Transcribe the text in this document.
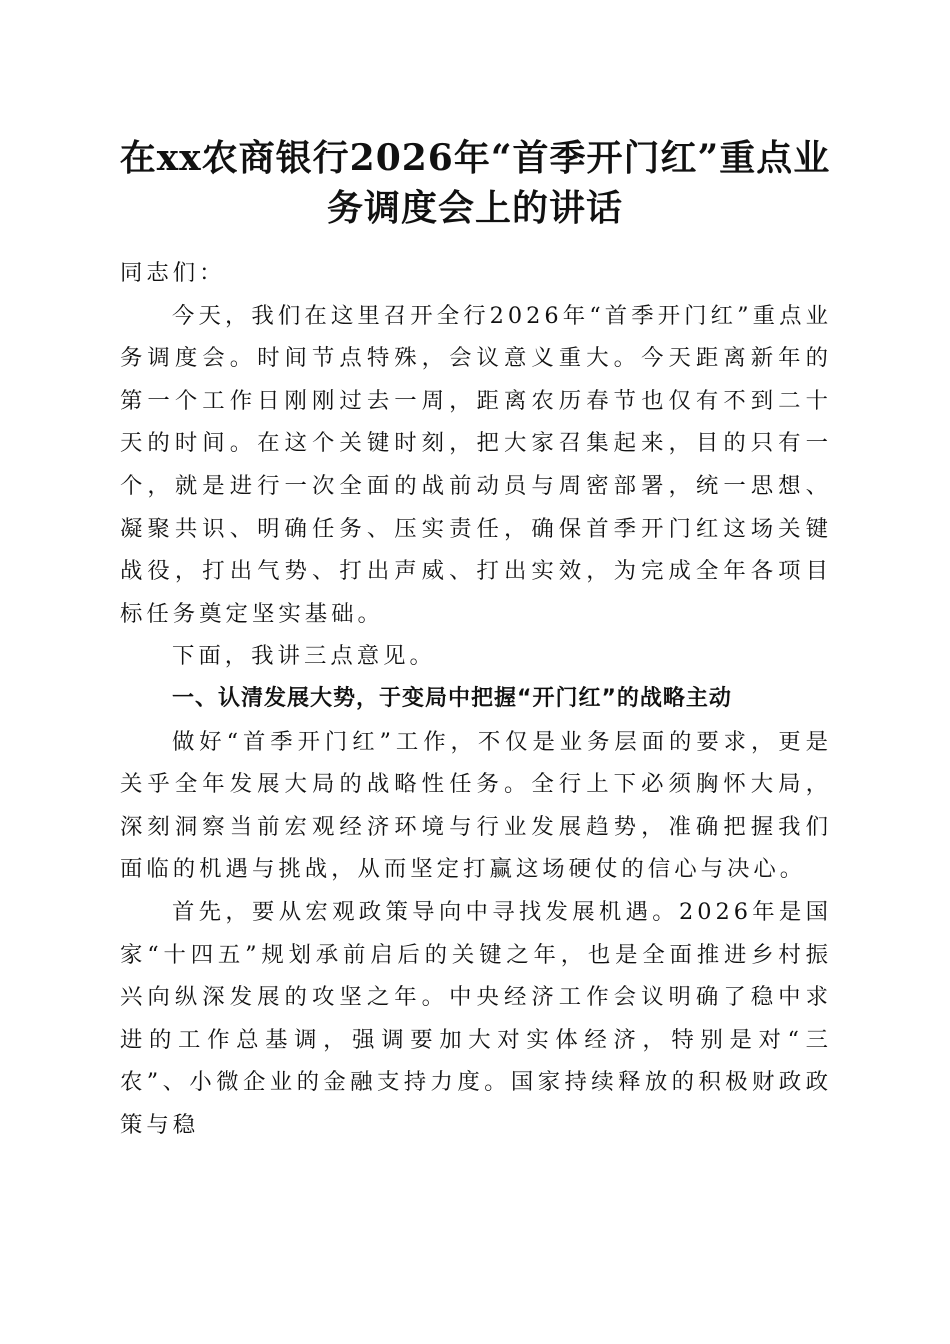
在xx农商银行2026年“首季开门红”重点业
务调度会上的讲话

同志们：

今天，我们在这里召开全行2026年“首季开门红”重点业务调度会。时间节点特殊，会议意义重大。今天距离新年的第一个工作日刚刚过去一周，距离农历春节也仅有不到二十天的时间。在这个关键时刻，把大家召集起来，目的只有一个，就是进行一次全面的战前动员与周密部署，统一思想、凝聚共识、明确任务、压实责任，确保首季开门红这场关键战役，打出气势、打出声威、打出实效，为完成全年各项目标任务奠定坚实基础。

下面，我讲三点意见。

一、认清发展大势，于变局中把握“开门红”的战略主动

做好“首季开门红”工作，不仅是业务层面的要求，更是关乎全年发展大局的战略性任务。全行上下必须胸怀大局，深刻洞察当前宏观经济环境与行业发展趋势，准确把握我们面临的机遇与挑战，从而坚定打赢这场硬仗的信心与决心。

首先，要从宏观政策导向中寻找发展机遇。2026年是国家“十四五”规划承前启后的关键之年，也是全面推进乡村振兴向纵深发展的攻坚之年。中央经济工作会议明确了稳中求进的工作总基调，强调要加大对实体经济，特别是对“三农”、小微企业的金融支持力度。国家持续释放的积极财政政策与稳
